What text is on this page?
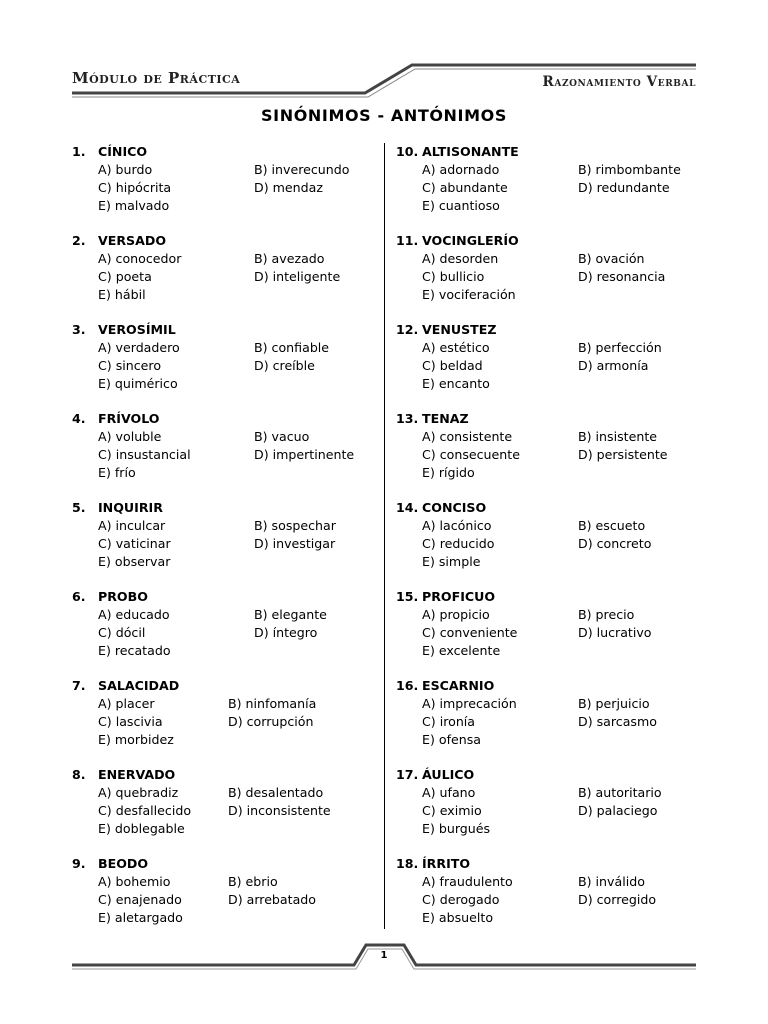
Módulo de Práctica	Razonamiento Verbal
SINÓNIMOS - ANTÓNIMOS
1. CÍNICO
A) burdo	B) inverecundo
C) hipócrita	D) mendaz
E) malvado
2. VERSADO
A) conocedor	B) avezado
C) poeta	D) inteligente
E) hábil
3. VEROSÍMIL
A) verdadero	B) confiable
C) sincero	D) creíble
E) quimérico
4. FRÍVOLO
A) voluble	B) vacuo
C) insustancial	D) impertinente
E) frío
5. INQUIRIR
A) inculcar	B) sospechar
C) vaticinar	D) investigar
E) observar
6. PROBO
A) educado	B) elegante
C) dócil	D) íntegro
E) recatado
7. SALACIDAD
A) placer	B) ninfomanía
C) lascivia	D) corrupción
E) morbidez
8. ENERVADO
A) quebradiz	B) desalentado
C) desfallecido	D) inconsistente
E) doblegable
9. BEODO
A) bohemio	B) ebrio
C) enajenado	D) arrebatado
E) aletargado
10. ALTISONANTE
A) adornado	B) rimbombante
C) abundante	D) redundante
E) cuantioso
11. VOCINGLERÍO
A) desorden	B) ovación
C) bullicio	D) resonancia
E) vociferación
12. VENUSTEZ
A) estético	B) perfección
C) beldad	D) armonía
E) encanto
13. TENAZ
A) consistente	B) insistente
C) consecuente	D) persistente
E) rígido
14. CONCISO
A) lacónico	B) escueto
C) reducido	D) concreto
E) simple
15. PROFICUO
A) propicio	B) precio
C) conveniente	D) lucrativo
E) excelente
16. ESCARNIO
A) imprecación	B) perjuicio
C) ironía	D) sarcasmo
E) ofensa
17. ÁULICO
A) ufano	B) autoritario
C) eximio	D) palaciego
E) burgués
18. ÍRRITO
A) fraudulento	B) inválido
C) derogado	D) corregido
E) absuelto
1
